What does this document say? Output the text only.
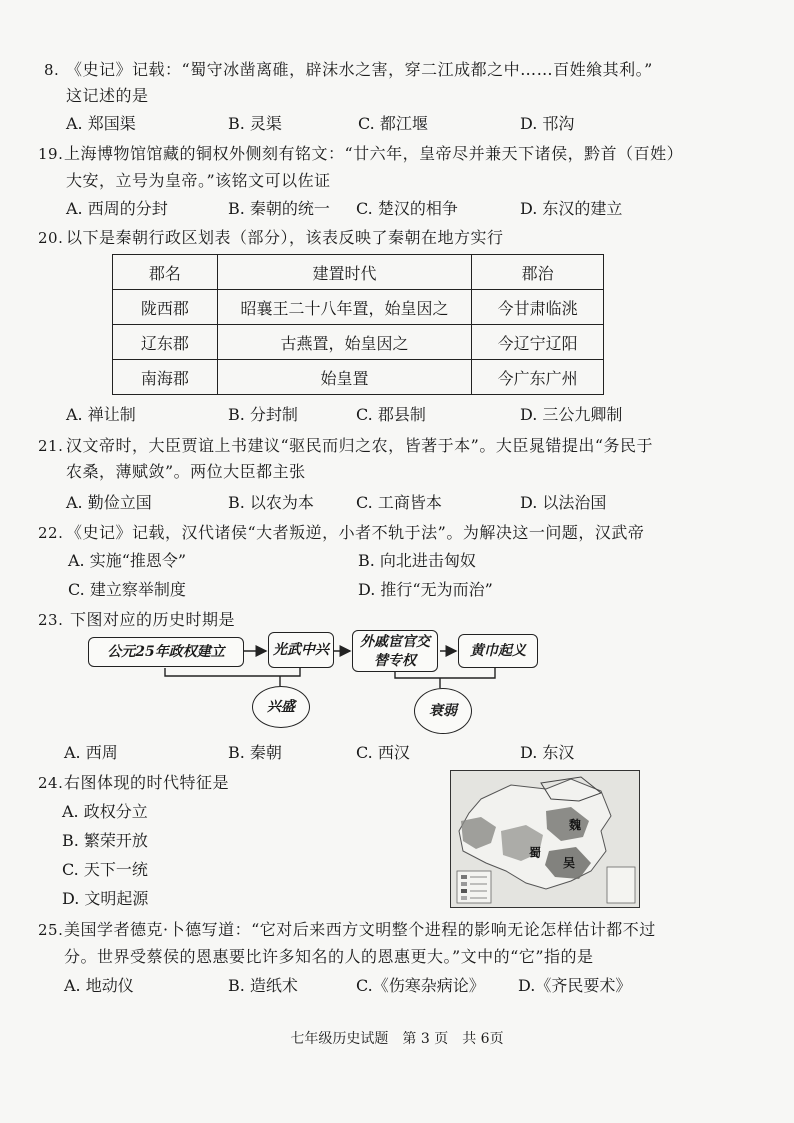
8. 《史记》记载：“蜀守冰凿离碓，辟沫水之害，穿二江成都之中……百姓飨其利。”
这记述的是
A. 郑国渠	B. 灵渠	C. 都江堰	D. 邗沟
19. 上海博物馆馆藏的铜权外侧刻有铭文：“廿六年，皇帝尽并兼天下诸侯，黔首（百姓）
大安，立号为皇帝。”该铭文可以佐证
A. 西周的分封	B. 秦朝的统一 C. 楚汉的相争	D. 东汉的建立
20. 以下是秦朝行政区划表（部分），该表反映了秦朝在地方实行
郡名	建置时代	郡治
陇西郡	昭襄王二十八年置，始皇因之	今甘肃临洮
辽东郡	古燕置，始皇因之	今辽宁辽阳
南海郡	始皇置	今广东广州
A. 禅让制	B. 分封制	C. 郡县制	D. 三公九卿制
21. 汉文帝时，大臣贾谊上书建议“驱民而归之农，皆著于本”。大臣晁错提出“务民于
农桑，薄赋敛”。两位大臣都主张
A. 勤俭立国	B. 以农为本	C. 工商皆本	D. 以法治国
22. 《史记》记载，汉代诸侯“大者叛逆，小者不轨于法”。为解决这一问题，汉武帝
A. 实施“推恩令”	B. 向北进击匈奴
C. 建立察举制度	D. 推行“无为而治”
23. 下图对应的历史时期是
公元25年政权建立	光武中兴	外戚宦官交
替专权
黄巾起义
兴盛	衰弱
A. 西周	B. 秦朝	C. 西汉	D. 东汉
24. 右图体现的时代特征是
A. 政权分立
B. 繁荣开放
C. 天下一统
D. 文明起源
魏
蜀
吴
25. 美国学者德克·卜德写道：“它对后来西方文明整个进程的影响无论怎样估计都不过
分。世界受蔡侯的恩惠要比许多知名的人的恩惠更大。”文中的“它”指的是
A. 地动仪	B. 造纸术	C.《伤寒杂病论》 D.《齐民要术》
七年级历史试题　第 3 页　共 6页
